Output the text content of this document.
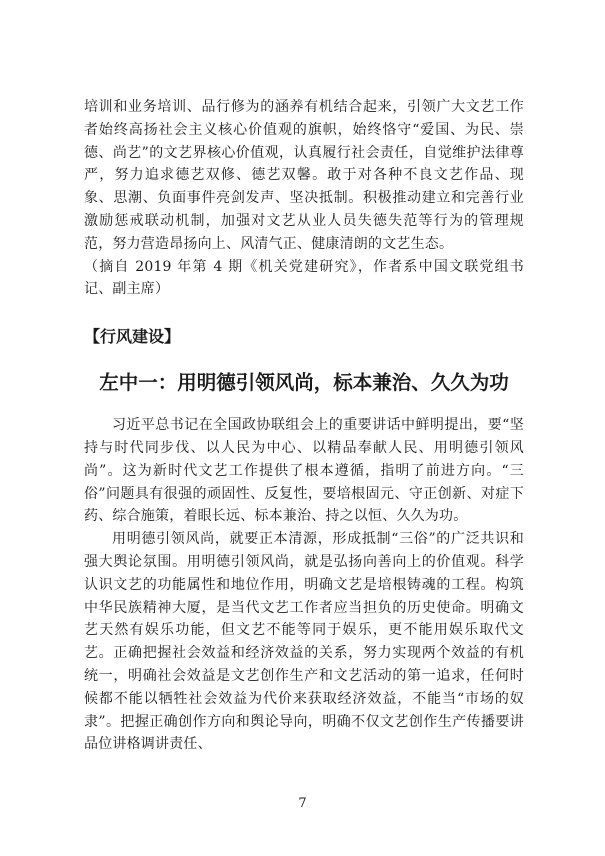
培训和业务培训、品行修为的涵养有机结合起来，引领广大文艺工作者始终高扬社会主义核心价值观的旗帜，始终恪守“爱国、为民、崇德、尚艺”的文艺界核心价值观，认真履行社会责任，自觉维护法律尊严，努力追求德艺双修、德艺双馨。敢于对各种不良文艺作品、现象、思潮、负面事件亮剑发声、坚决抵制。积极推动建立和完善行业激励惩戒联动机制，加强对文艺从业人员失德失范等行为的管理规范，努力营造昂扬向上、风清气正、健康清朗的文艺生态。

（摘自 2019 年第 4 期《机关党建研究》，作者系中国文联党组书记、副主席）

【行风建设】
左中一：用明德引领风尚，标本兼治、久久为功

习近平总书记在全国政协联组会上的重要讲话中鲜明提出，要“坚持与时代同步伐、以人民为中心、以精品奉献人民、用明德引领风尚”。这为新时代文艺工作提供了根本遵循，指明了前进方向。“三俗”问题具有很强的顽固性、反复性，要培根固元、守正创新、对症下药、综合施策，着眼长远、标本兼治、持之以恒、久久为功。

用明德引领风尚，就要正本清源，形成抵制“三俗”的广泛共识和强大舆论氛围。用明德引领风尚，就是弘扬向善向上的价值观。科学认识文艺的功能属性和地位作用，明确文艺是培根铸魂的工程。构筑中华民族精神大厦，是当代文艺工作者应当担负的历史使命。明确文艺天然有娱乐功能，但文艺不能等同于娱乐，更不能用娱乐取代文艺。正确把握社会效益和经济效益的关系，努力实现两个效益的有机统一，明确社会效益是文艺创作生产和文艺活动的第一追求，任何时候都不能以牺牲社会效益为代价来获取经济效益，不能当“市场的奴隶”。把握正确创作方向和舆论导向，明确不仅文艺创作生产传播要讲品位讲格调讲责任、

7
